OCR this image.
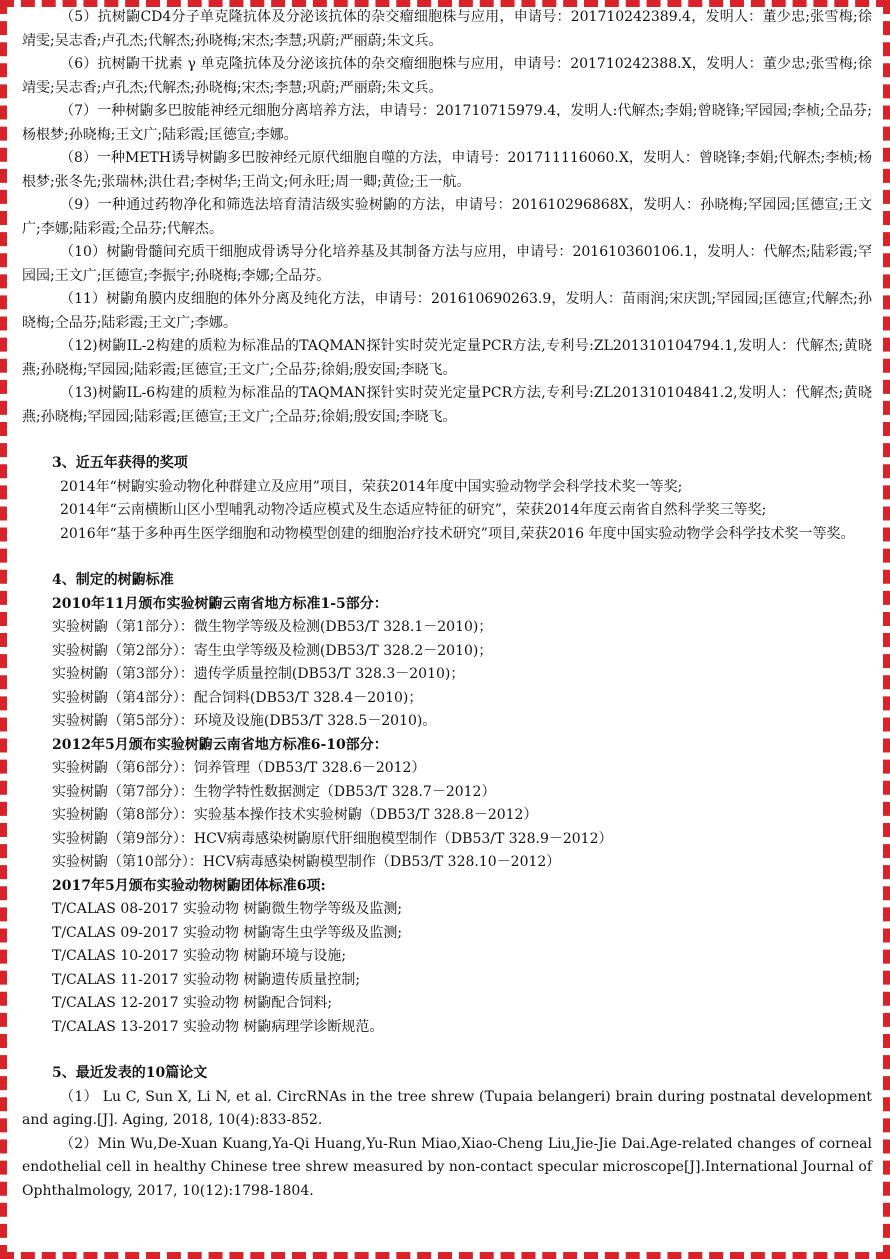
（5）抗树鼩CD4分子单克隆抗体及分泌该抗体的杂交瘤细胞株与应用，申请号：201710242389.4，发明人：董少忠;张雪梅;徐靖雯;吴志香;卢孔杰;代解杰;孙晓梅;宋杰;李慧;巩蔚;严丽蔚;朱文兵。

（6）抗树鼩干扰素 γ 单克隆抗体及分泌该抗体的杂交瘤细胞株与应用，申请号：201710242388.X，发明人：董少忠;张雪梅;徐靖雯;吴志香;卢孔杰;代解杰;孙晓梅;宋杰;李慧;巩蔚;严丽蔚;朱文兵。

（7）一种树鼩多巴胺能神经元细胞分离培养方法，申请号：201710715979.4，发明人:代解杰;李娟;曾晓锋;罕园园;李桢;仝品芬;杨根梦;孙晓梅;王文广;陆彩霞;匡德宣;李娜。

（8）一种METH诱导树鼩多巴胺神经元原代细胞自噬的方法，申请号：201711116060.X，发明人：曾晓锋;李娟;代解杰;李桢;杨根梦;张冬先;张瑞林;洪仕君;李树华;王尚文;何永旺;周一卿;黄俭;王一航。

（9）一种通过药物净化和筛选法培育清洁级实验树鼩的方法，申请号：201610296868X，发明人：孙晓梅;罕园园;匡德宣;王文广;李娜;陆彩霞;仝品芬;代解杰。

（10）树鼩骨髓间充质干细胞成骨诱导分化培养基及其制备方法与应用，申请号：201610360106.1，发明人：代解杰;陆彩霞;罕园园;王文广;匡德宣;李振宇;孙晓梅;李娜;仝品芬。

（11）树鼩角膜内皮细胞的体外分离及纯化方法，申请号：201610690263.9，发明人：苗雨润;宋庆凯;罕园园;匡德宣;代解杰;孙晓梅;仝品芬;陆彩霞;王文广;李娜。

（12)树鼩IL-2构建的质粒为标准品的TAQMAN探针实时荧光定量PCR方法,专利号:ZL201310104794.1,发明人：代解杰;黄晓燕;孙晓梅;罕园园;陆彩霞;匡德宣;王文广;仝品芬;徐娟;殷安国;李晓飞。

（13)树鼩IL-6构建的质粒为标准品的TAQMAN探针实时荧光定量PCR方法,专利号:ZL201310104841.2,发明人：代解杰;黄晓燕;孙晓梅;罕园园;陆彩霞;匡德宣;王文广;仝品芬;徐娟;殷安国;李晓飞。

3、近五年获得的奖项

2014年“树鼩实验动物化种群建立及应用”项目，荣获2014年度中国实验动物学会科学技术奖一等奖;

2014年“云南横断山区小型哺乳动物冷适应模式及生态适应特征的研究”，荣获2014年度云南省自然科学奖三等奖;

2016年“基于多种再生医学细胞和动物模型创建的细胞治疗技术研究”项目,荣获2016 年度中国实验动物学会科学技术奖一等奖。

4、制定的树鼩标准

2010年11月颁布实验树鼩云南省地方标准1-5部分：

实验树鼩（第1部分）：微生物学等级及检测(DB53/T 328.1－2010)；

实验树鼩（第2部分）：寄生虫学等级及检测(DB53/T 328.2－2010)；

实验树鼩（第3部分）：遗传学质量控制(DB53/T 328.3－2010)；

实验树鼩（第4部分）：配合饲料(DB53/T 328.4－2010)；

实验树鼩（第5部分）：环境及设施(DB53/T 328.5－2010)。

2012年5月颁布实验树鼩云南省地方标准6-10部分：

实验树鼩（第6部分）：饲养管理（DB53/T 328.6－2012）

实验树鼩（第7部分）：生物学特性数据测定（DB53/T 328.7－2012）

实验树鼩（第8部分）：实验基本操作技术实验树鼩（DB53/T 328.8－2012）

实验树鼩（第9部分）：HCV病毒感染树鼩原代肝细胞模型制作（DB53/T 328.9－2012）

实验树鼩（第10部分）：HCV病毒感染树鼩模型制作（DB53/T 328.10－2012）

2017年5月颁布实验动物树鼩团体标准6项:

T/CALAS 08-2017 实验动物 树鼩微生物学等级及监测;

T/CALAS 09-2017 实验动物 树鼩寄生虫学等级及监测;

T/CALAS 10-2017 实验动物 树鼩环境与设施;

T/CALAS 11-2017 实验动物 树鼩遗传质量控制;

T/CALAS 12-2017 实验动物 树鼩配合饲料;

T/CALAS 13-2017 实验动物 树鼩病理学诊断规范。

5、最近发表的10篇论文

（1） Lu C, Sun X, Li N, et al. CircRNAs in the tree shrew (Tupaia belangeri) brain during postnatal development and aging.[J]. Aging, 2018, 10(4):833-852.

（2）Min Wu,De-Xuan Kuang,Ya-Qi Huang,Yu-Run Miao,Xiao-Cheng Liu,Jie-Jie Dai.Age-related changes of corneal endothelial cell in healthy Chinese tree shrew measured by non-contact specular microscope[J].International Journal of Ophthalmology, 2017, 10(12):1798-1804.
